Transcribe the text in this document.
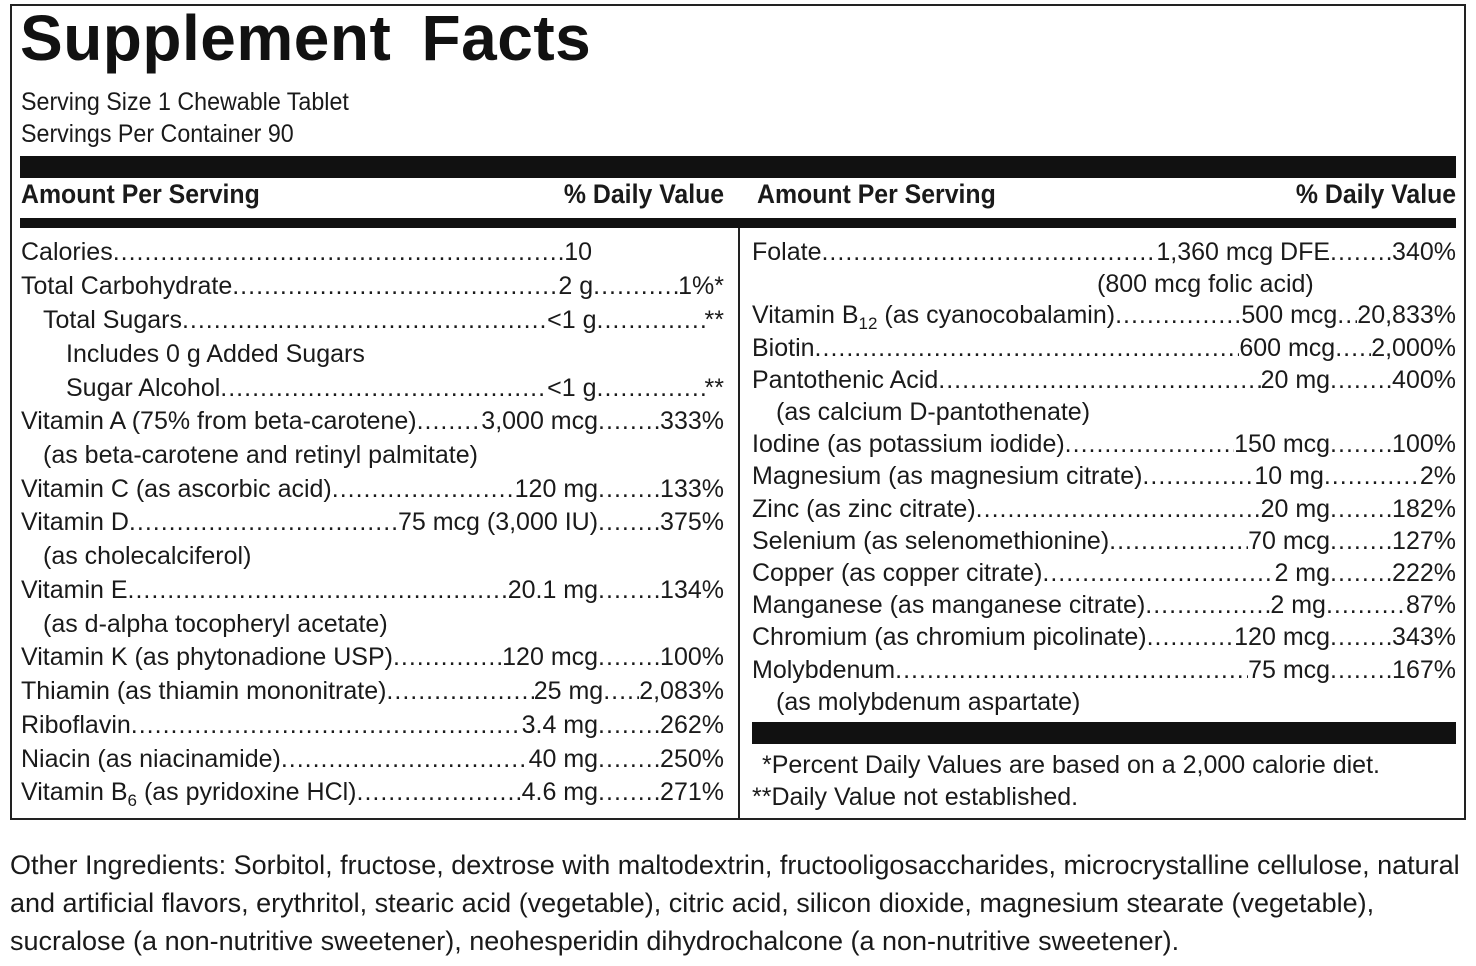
Supplement Facts
Serving Size 1 Chewable Tablet
Servings Per Container 90
Amount Per Serving	% Daily Value Amount Per Serving	% Daily Value
Calories .....	10
Total Carbohydrate .....	2 g .....	1%*
Total Sugars .....	<1 g .....	**
Includes 0 g Added Sugars
Sugar Alcohol .....	<1 g .....	**
Vitamin A (75% from beta-carotene) .....	3,000 mcg ..... 333%
(as beta-carotene and retinyl palmitate)
Vitamin C (as ascorbic acid) .....	120 mg ..... 133%
Vitamin D .....	75 mcg (3,000 IU) ..... 375%
(as cholecalciferol)
Vitamin E .....	20.1 mg ..... 134%
(as d-alpha tocopheryl acetate)
Vitamin K (as phytonadione USP) .....	120 mcg ..... 100%
Thiamin (as thiamin mononitrate) .....	25 mg ..... 2,083%
Riboflavin .....	3.4 mg ..... 262%
Niacin (as niacinamide) .....	40 mg ..... 250%
Vitamin $B_6$ (as pyridoxine HCl) .....	4.6 mg ..... 271%
Folate .....	1,360 mcg DFE ..... 340%
(800 mcg folic acid)
Vitamin $B_{12}$ (as cyanocobalamin) .....	500 mcg ..... 20,833%
Biotin .....	600 mcg ..... 2,000%
Pantothenic Acid .....	20 mg ..... 400%
(as calcium D-pantothenate)
Iodine (as potassium iodide) .....	150 mcg ..... 100%
Magnesium (as magnesium citrate) .....	10 mg .....	2%
Zinc (as zinc citrate) .....	20 mg ..... 182%
Selenium (as selenomethionine) .....	70 mcg ..... 127%
Copper (as copper citrate) .....	2 mg ..... 222%
Manganese (as manganese citrate) .....	2 mg .....	87%
Chromium (as chromium picolinate) .....	120 mcg ..... 343%
Molybdenum .....	75 mcg ..... 167%
(as molybdenum aspartate)
*Percent Daily Values are based on a 2,000 calorie diet.
**Daily Value not established.
Other Ingredients: Sorbitol, fructose, dextrose with maltodextrin, fructooligosaccharides, microcrystalline cellulose, natural and artificial flavors, erythritol, stearic acid (vegetable), citric acid, silicon dioxide, magnesium stearate (vegetable), sucralose (a non-nutritive sweetener), neohesperidin dihydrochalcone (a non-nutritive sweetener).
